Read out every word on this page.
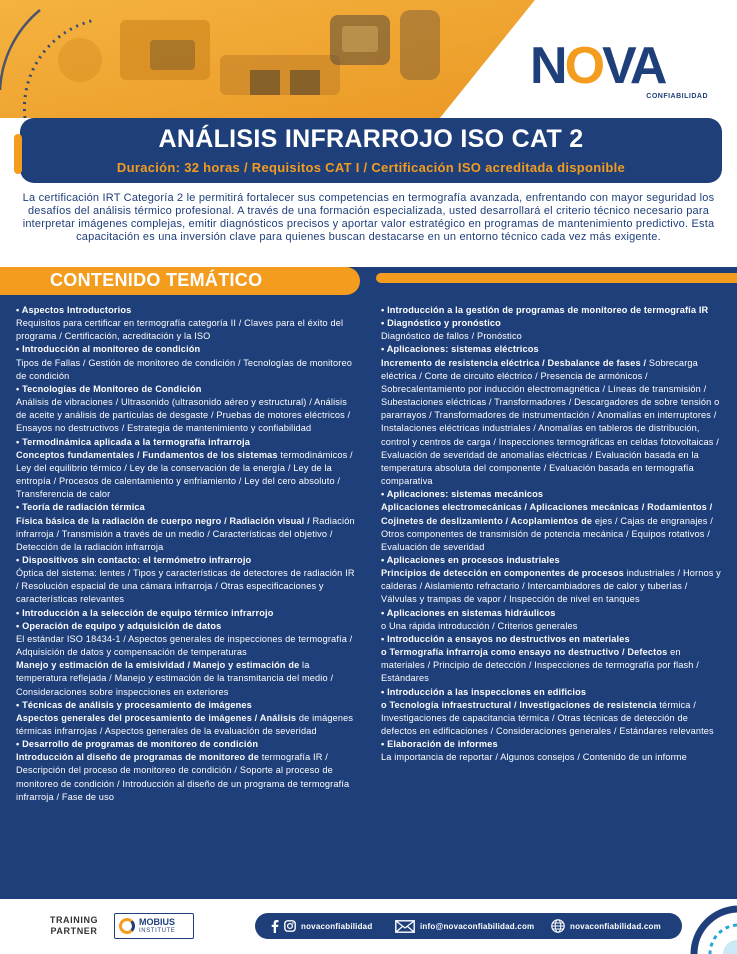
NOVA
CONFIABILIDAD
ANÁLISIS INFRARROJO ISO CAT 2
Duración: 32 horas / Requisitos CAT I / Certificación ISO acreditada disponible

La certificación IRT Categoría 2 le permitirá fortalecer sus competencias en termografía avanzada, enfrentando con mayor seguridad los desafíos del análisis térmico profesional. A través de una formación especializada, usted desarrollará el criterio técnico necesario para interpretar imágenes complejas, emitir diagnósticos precisos y aportar valor estratégico en programas de mantenimiento predictivo. Esta capacitación es una inversión clave para quienes buscan destacarse en un entorno técnico cada vez más exigente.

CONTENIDO TEMÁTICO
• Aspectos Introductorios
Requisitos para certificar en termografía categoría II / Claves para el éxito del programa / Certificación, acreditación y la ISO
• Introducción al monitoreo de condición
Tipos de Fallas / Gestión de monitoreo de condición / Tecnologías de monitoreo de condición
• Tecnologías de Monitoreo de Condición
Análisis de vibraciones / Ultrasonido (ultrasonido aéreo y estructural) / Análisis de aceite y análisis de partículas de desgaste / Pruebas de motores eléctricos / Ensayos no destructivos / Estrategia de mantenimiento y confiabilidad
• Termodinámica aplicada a la termografía infrarroja
Conceptos fundamentales / Fundamentos de los sistemas termodinámicos / Ley del equilibrio térmico / Ley de la conservación de la energía / Ley de la entropía / Procesos de calentamiento y enfriamiento / Ley del cero absoluto / Transferencia de calor
• Teoría de radiación térmica
Física básica de la radiación de cuerpo negro / Radiación visual / Radiación infrarroja / Transmisión a través de un medio / Características del objetivo / Detección de la radiación infrarroja
• Dispositivos sin contacto: el termómetro infrarrojo
Óptica del sistema: lentes / Tipos y características de detectores de radiación IR / Resolución espacial de una cámara infrarroja / Otras especificaciones y características relevantes
• Introducción a la selección de equipo térmico infrarrojo

• Operación de equipo y adquisición de datos
El estándar ISO 18434-1 / Aspectos generales de inspecciones de termografía / Adquisición de datos y compensación de temperaturas
Manejo y estimación de la emisividad / Manejo y estimación de la temperatura reflejada / Manejo y estimación de la transmitancia del medio / Consideraciones sobre inspecciones en exteriores
• Técnicas de análisis y procesamiento de imágenes
Aspectos generales del procesamiento de imágenes / Análisis de imágenes térmicas infrarrojas / Aspectos generales de la evaluación de severidad
• Desarrollo de programas de monitoreo de condición
Introducción al diseño de programas de monitoreo de termografía IR / Descripción del proceso de monitoreo de condición / Soporte al proceso de monitoreo de condición / Introducción al diseño de un programa de termografía infrarroja / Fase de uso
• Introducción a la gestión de programas de monitoreo de termografía IR

• Diagnóstico y pronóstico
Diagnóstico de fallos / Pronóstico
• Aplicaciones: sistemas eléctricos
Incremento de resistencia eléctrica / Desbalance de fases / Sobrecarga eléctrica / Corte de circuito eléctrico / Presencia de armónicos / Sobrecalentamiento por inducción electromagnética / Líneas de transmisión / Subestaciones eléctricas / Transformadores / Descargadores de sobre tensión o pararrayos / Transformadores de instrumentación / Anomalías en interruptores / Instalaciones eléctricas industriales / Anomalías en tableros de distribución, control y centros de carga / Inspecciones termográficas en celdas fotovoltaicas / Evaluación de severidad de anomalías eléctricas / Evaluación basada en la temperatura absoluta del componente / Evaluación basada en termografía comparativa
• Aplicaciones: sistemas mecánicos
Aplicaciones electromecánicas / Aplicaciones mecánicas / Rodamientos / Cojinetes de deslizamiento / Acoplamientos de ejes / Cajas de engranajes / Otros componentes de transmisión de potencia mecánica / Equipos rotativos / Evaluación de severidad
• Aplicaciones en procesos industriales
Principios de detección en componentes de procesos industriales / Hornos y calderas / Aislamiento refractario / Intercambiadores de calor y tuberías / Válvulas y trampas de vapor / Inspección de nivel en tanques
• Aplicaciones en sistemas hidráulicos
o Una rápida introducción / Criterios generales
• Introducción a ensayos no destructivos en materiales
o Termografía infrarroja como ensayo no destructivo / Defectos en materiales / Principio de detección / Inspecciones de termografía por flash / Estándares
• Introducción a las inspecciones en edificios
o Tecnología infraestructural / Investigaciones de resistencia térmica / Investigaciones de capacitancia térmica / Otras técnicas de detección de defectos en edificaciones / Consideraciones generales / Estándares relevantes
• Elaboración de informes
La importancia de reportar / Algunos consejos / Contenido de un informe
TRAINING PARTNER
MOBIUS
INSTITUTE
novaconfiabilidad	info@novaconfiabilidad.com	novaconfiabilidad.com
